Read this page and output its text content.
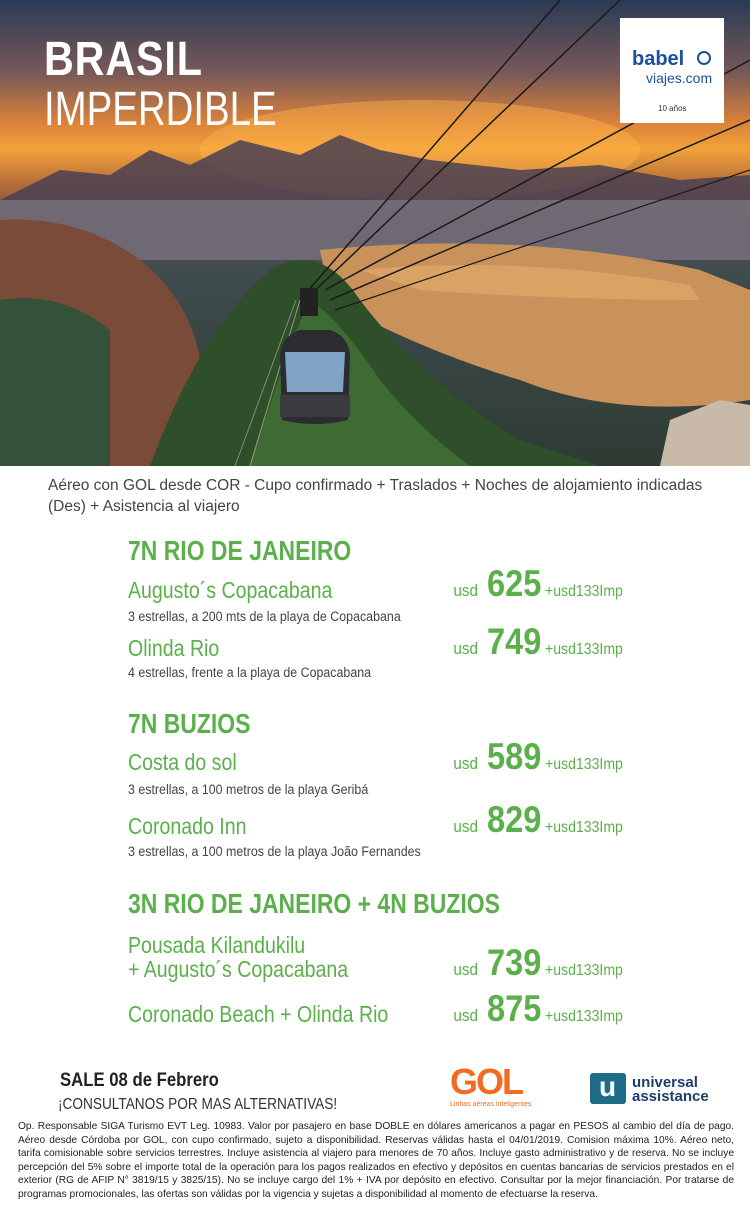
BRASIL
IMPERDIBLE
babel
viajes.com
10 años
Aéreo con GOL desde COR - Cupo confirmado + Traslados + Noches de alojamiento indicadas (Des) + Asistencia al viajero
7N RIO DE JANEIRO
Augusto´s Copacabana
3 estrellas, a 200 mts de la playa de Copacabana
usd 625 +usd133Imp
Olinda Rio
4 estrellas, frente a la playa de Copacabana
usd 749 +usd133Imp
7N BUZIOS
Costa do sol
3 estrellas, a 100 metros de la playa Geribá
usd 589 +usd133Imp
Coronado Inn
3 estrellas, a 100 metros de la playa João Fernandes
usd 829 +usd133Imp
3N RIO DE JANEIRO + 4N BUZIOS
Pousada Kilandukilu
+ Augusto´s Copacabana	usd 739 +usd133Imp
Coronado Beach + Olinda Rio	usd 875 +usd133Imp
SALE 08 de Febrero
¡CONSULTANOS POR MAS ALTERNATIVAS!
GOL
Linhas aéreas inteligentes
u universal
assistance
Op. Responsable SIGA Turismo EVT Leg. 10983. Valor por pasajero en base DOBLE en dólares americanos a pagar en PESOS al cambio del día de pago. Aéreo desde Córdoba por GOL, con cupo confirmado, sujeto a disponibilidad. Reservas válidas hasta el 04/01/2019. Comision máxima 10%. Aéreo neto, tarifa comisionable sobre servicios terrestres. Incluye asistencia al viajero para menores de 70 años. Incluye gasto administrativo y de reserva. No se incluye percepción del 5% sobre el importe total de la operación para los pagos realizados en efectivo y depósitos en cuentas bancarias de servicios prestados en el exterior (RG de AFIP N° 3819/15 y 3825/15). No se incluye cargo del 1% + IVA por depósito en efectivo. Consultar por la mejor financiación. Por tratarse de programas promocionales, las ofertas son válidas por la vigencia y sujetas a disponibilidad al momento de efectuarse la reserva.
